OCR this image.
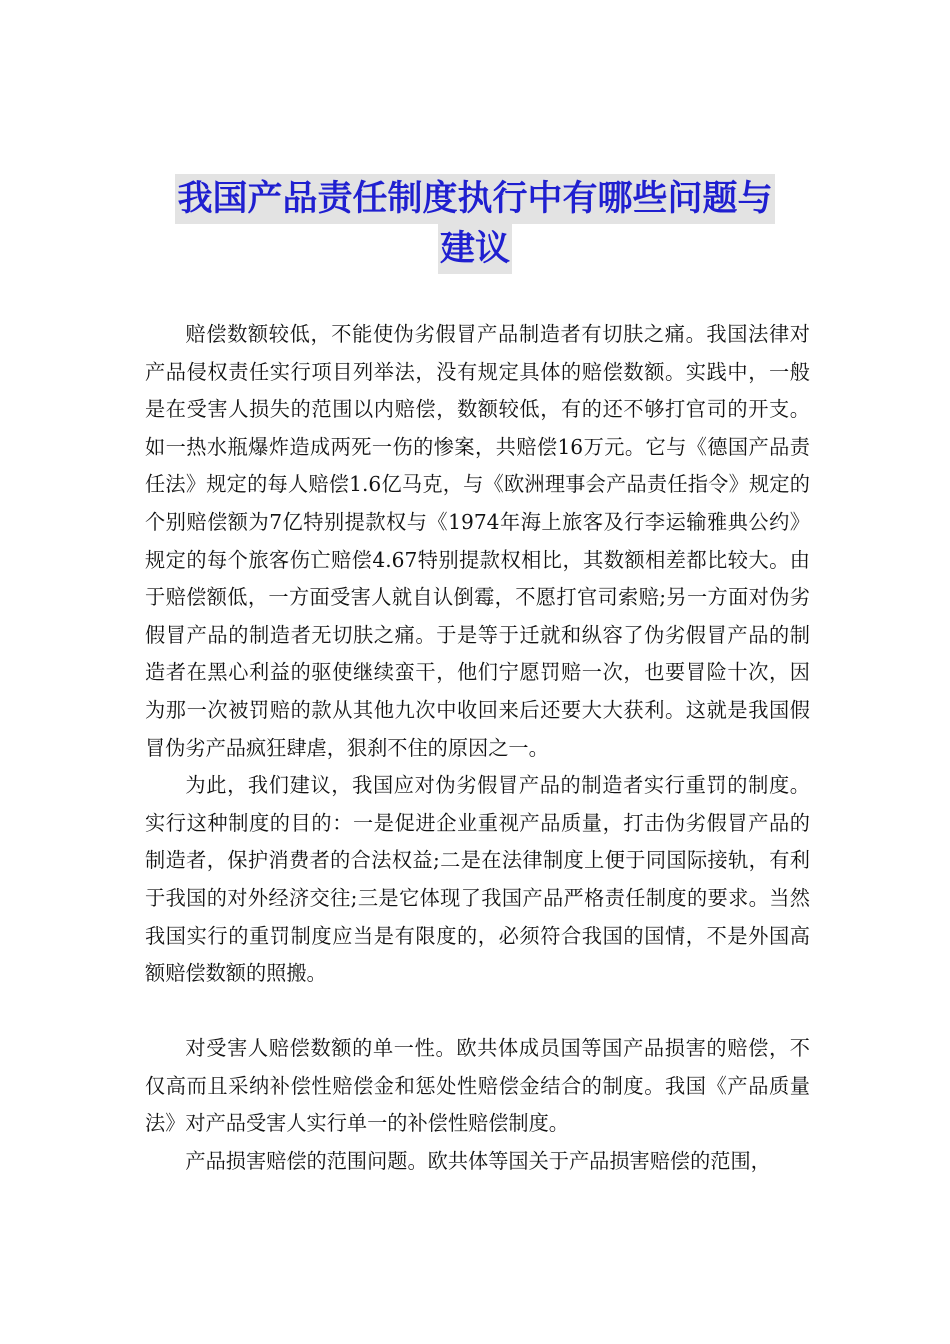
我国产品责任制度执行中有哪些问题与
建议

赔偿数额较低，不能使伪劣假冒产品制造者有切肤之痛。我国法律对产品侵权责任实行项目列举法，没有规定具体的赔偿数额。实践中，一般是在受害人损失的范围以内赔偿，数额较低，有的还不够打官司的开支。如一热水瓶爆炸造成两死一伤的惨案，共赔偿16万元。它与《德国产品责任法》规定的每人赔偿1.6亿马克，与《欧洲理事会产品责任指令》规定的个别赔偿额为7亿特别提款权与《1974年海上旅客及行李运输雅典公约》规定的每个旅客伤亡赔偿4.67特别提款权相比，其数额相差都比较大。由于赔偿额低，一方面受害人就自认倒霉，不愿打官司索赔;另一方面对伪劣假冒产品的制造者无切肤之痛。于是等于迁就和纵容了伪劣假冒产品的制造者在黑心利益的驱使继续蛮干，他们宁愿罚赔一次，也要冒险十次，因为那一次被罚赔的款从其他九次中收回来后还要大大获利。这就是我国假冒伪劣产品疯狂肆虐，狠刹不住的原因之一。

为此，我们建议，我国应对伪劣假冒产品的制造者实行重罚的制度。实行这种制度的目的：一是促进企业重视产品质量，打击伪劣假冒产品的制造者，保护消费者的合法权益;二是在法律制度上便于同国际接轨，有利于我国的对外经济交往;三是它体现了我国产品严格责任制度的要求。当然我国实行的重罚制度应当是有限度的，必须符合我国的国情，不是外国高额赔偿数额的照搬。

对受害人赔偿数额的单一性。欧共体成员国等国产品损害的赔偿，不仅高而且采纳补偿性赔偿金和惩处性赔偿金结合的制度。我国《产品质量法》对产品受害人实行单一的补偿性赔偿制度。

产品损害赔偿的范围问题。欧共体等国关于产品损害赔偿的范围，
